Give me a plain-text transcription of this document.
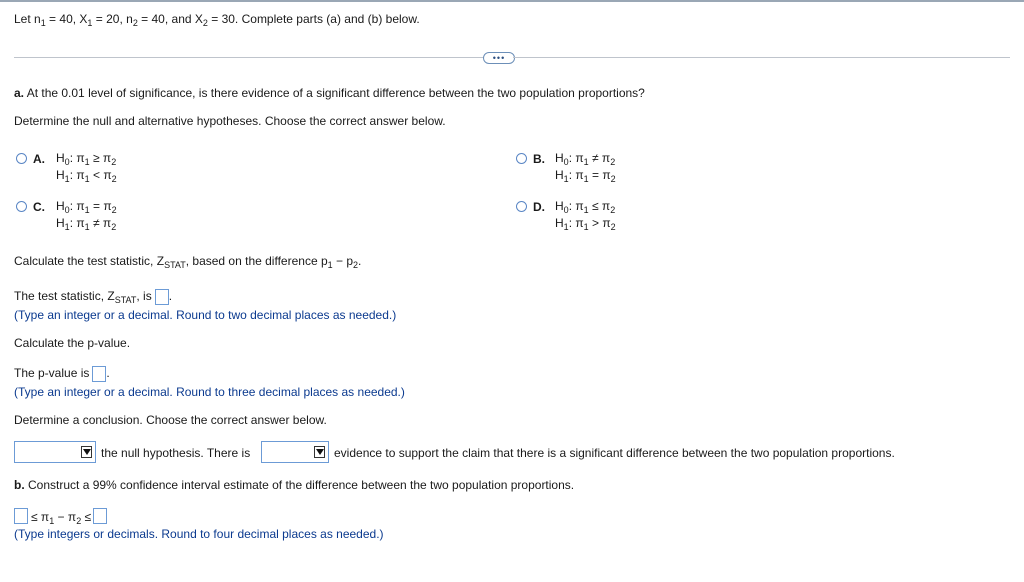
Let $n_1 = 40$, $X_1 = 20$, $n_2 = 40$, and $X_2 = 30$. Complete parts (a) and (b) below.
•••
a. At the 0.01 level of significance, is there evidence of a significant difference between the two population proportions?
Determine the null and alternative hypotheses. Choose the correct answer below.
A. $H_0$: $\pi_1 \ge \pi_2$
$H_1$: $\pi_1 < \pi_2$
B. $H_0$: $\pi_1 \ne \pi_2$
$H_1$: $\pi_1 = \pi_2$
C. $H_0$: $\pi_1 = \pi_2$
$H_1$: $\pi_1 \ne \pi_2$
D. $H_0$: $\pi_1 \le \pi_2$
$H_1$: $\pi_1 > \pi_2$
Calculate the test statistic, $Z_{STAT}$, based on the difference $p_1 - p_2$.
The test statistic, $Z_{STAT}$, is .
(Type an integer or a decimal. Round to two decimal places as needed.)
Calculate the p-value.
The p-value is .
(Type an integer or a decimal. Round to three decimal places as needed.)
Determine a conclusion. Choose the correct answer below.
the null hypothesis. There is	evidence to support the claim that there is a significant difference between the two population proportions.
b. Construct a 99% confidence interval estimate of the difference between the two population proportions.
≤ $\pi_1 - \pi_2$ ≤
(Type integers or decimals. Round to four decimal places as needed.)
